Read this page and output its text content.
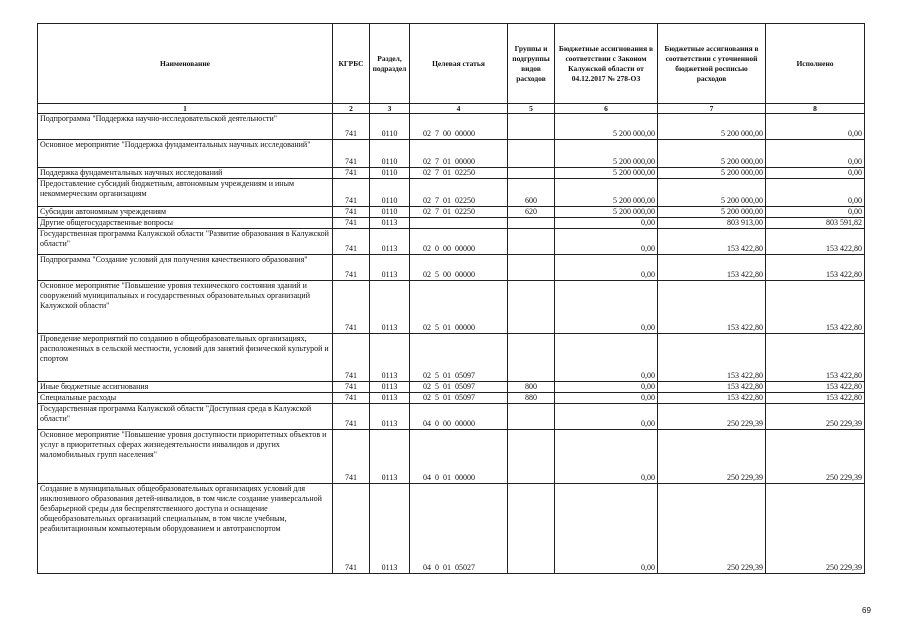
Наименование	КГРБС	Раздел, подраздел	Целевая статья	Группы и подгруппы видов расходов	Бюджетные ассигнования в соответствии с Законом Калужской области от 04.12.2017 № 278-ОЗ	Бюджетные ассигнования в соответствии с уточненной бюджетной росписью расходов	Исполнено
1	2	3	4	5	6	7	8
Подпрограмма "Поддержка научно-исследовательской деятельности"	741	0110	02 7 00 00000		5 200 000,00	5 200 000,00	0,00
Основное мероприятие "Поддержка фундаментальных научных исследований"	741	0110	02 7 01 00000		5 200 000,00	5 200 000,00	0,00
Поддержка фундаментальных научных исследований	741	0110	02 7 01 02250		5 200 000,00	5 200 000,00	0,00
Предоставление субсидий бюджетным, автономным учреждениям и иным некоммерческим организациям	741	0110	02 7 01 02250	600	5 200 000,00	5 200 000,00	0,00
Субсидии автономным учреждениям	741	0110	02 7 01 02250	620	5 200 000,00	5 200 000,00	0,00
Другие общегосударственные вопросы	741	0113			0,00	803 913,00	803 591,82
Государственная программа Калужской области "Развитие образования в Калужской области"	741	0113	02 0 00 00000		0,00	153 422,80	153 422,80
Подпрограмма "Создание условий для получения качественного образования"	741	0113	02 5 00 00000		0,00	153 422,80	153 422,80
Основное мероприятие "Повышение уровня технического состояния зданий и сооружений муниципальных и государственных образовательных организаций Калужской области"	741	0113	02 5 01 00000		0,00	153 422,80	153 422,80
Проведение мероприятий по созданию в общеобразовательных организациях, расположенных в сельской местности, условий для занятий физической культурой и спортом	741	0113	02 5 01 05097		0,00	153 422,80	153 422,80
Иные бюджетные ассигнования	741	0113	02 5 01 05097	800	0,00	153 422,80	153 422,80
Специальные расходы	741	0113	02 5 01 05097	880	0,00	153 422,80	153 422,80
Государственная программа Калужской области "Доступная среда в Калужской области"	741	0113	04 0 00 00000		0,00	250 229,39	250 229,39
Основное мероприятие "Повышение уровня доступности приоритетных объектов и услуг в приоритетных сферах жизнедеятельности инвалидов и других маломобильных групп населения"	741	0113	04 0 01 00000		0,00	250 229,39	250 229,39
Создание в муниципальных общеобразовательных организациях условий для инклюзивного образования детей-инвалидов, в том числе создание универсальной безбарьерной среды для беспрепятственного доступа и оснащение общеобразовательных организаций специальным, в том числе учебным, реабилитационным компьютерным оборудованием и автотранспортом	741	0113	04 0 01 05027		0,00	250 229,39	250 229,39
69
